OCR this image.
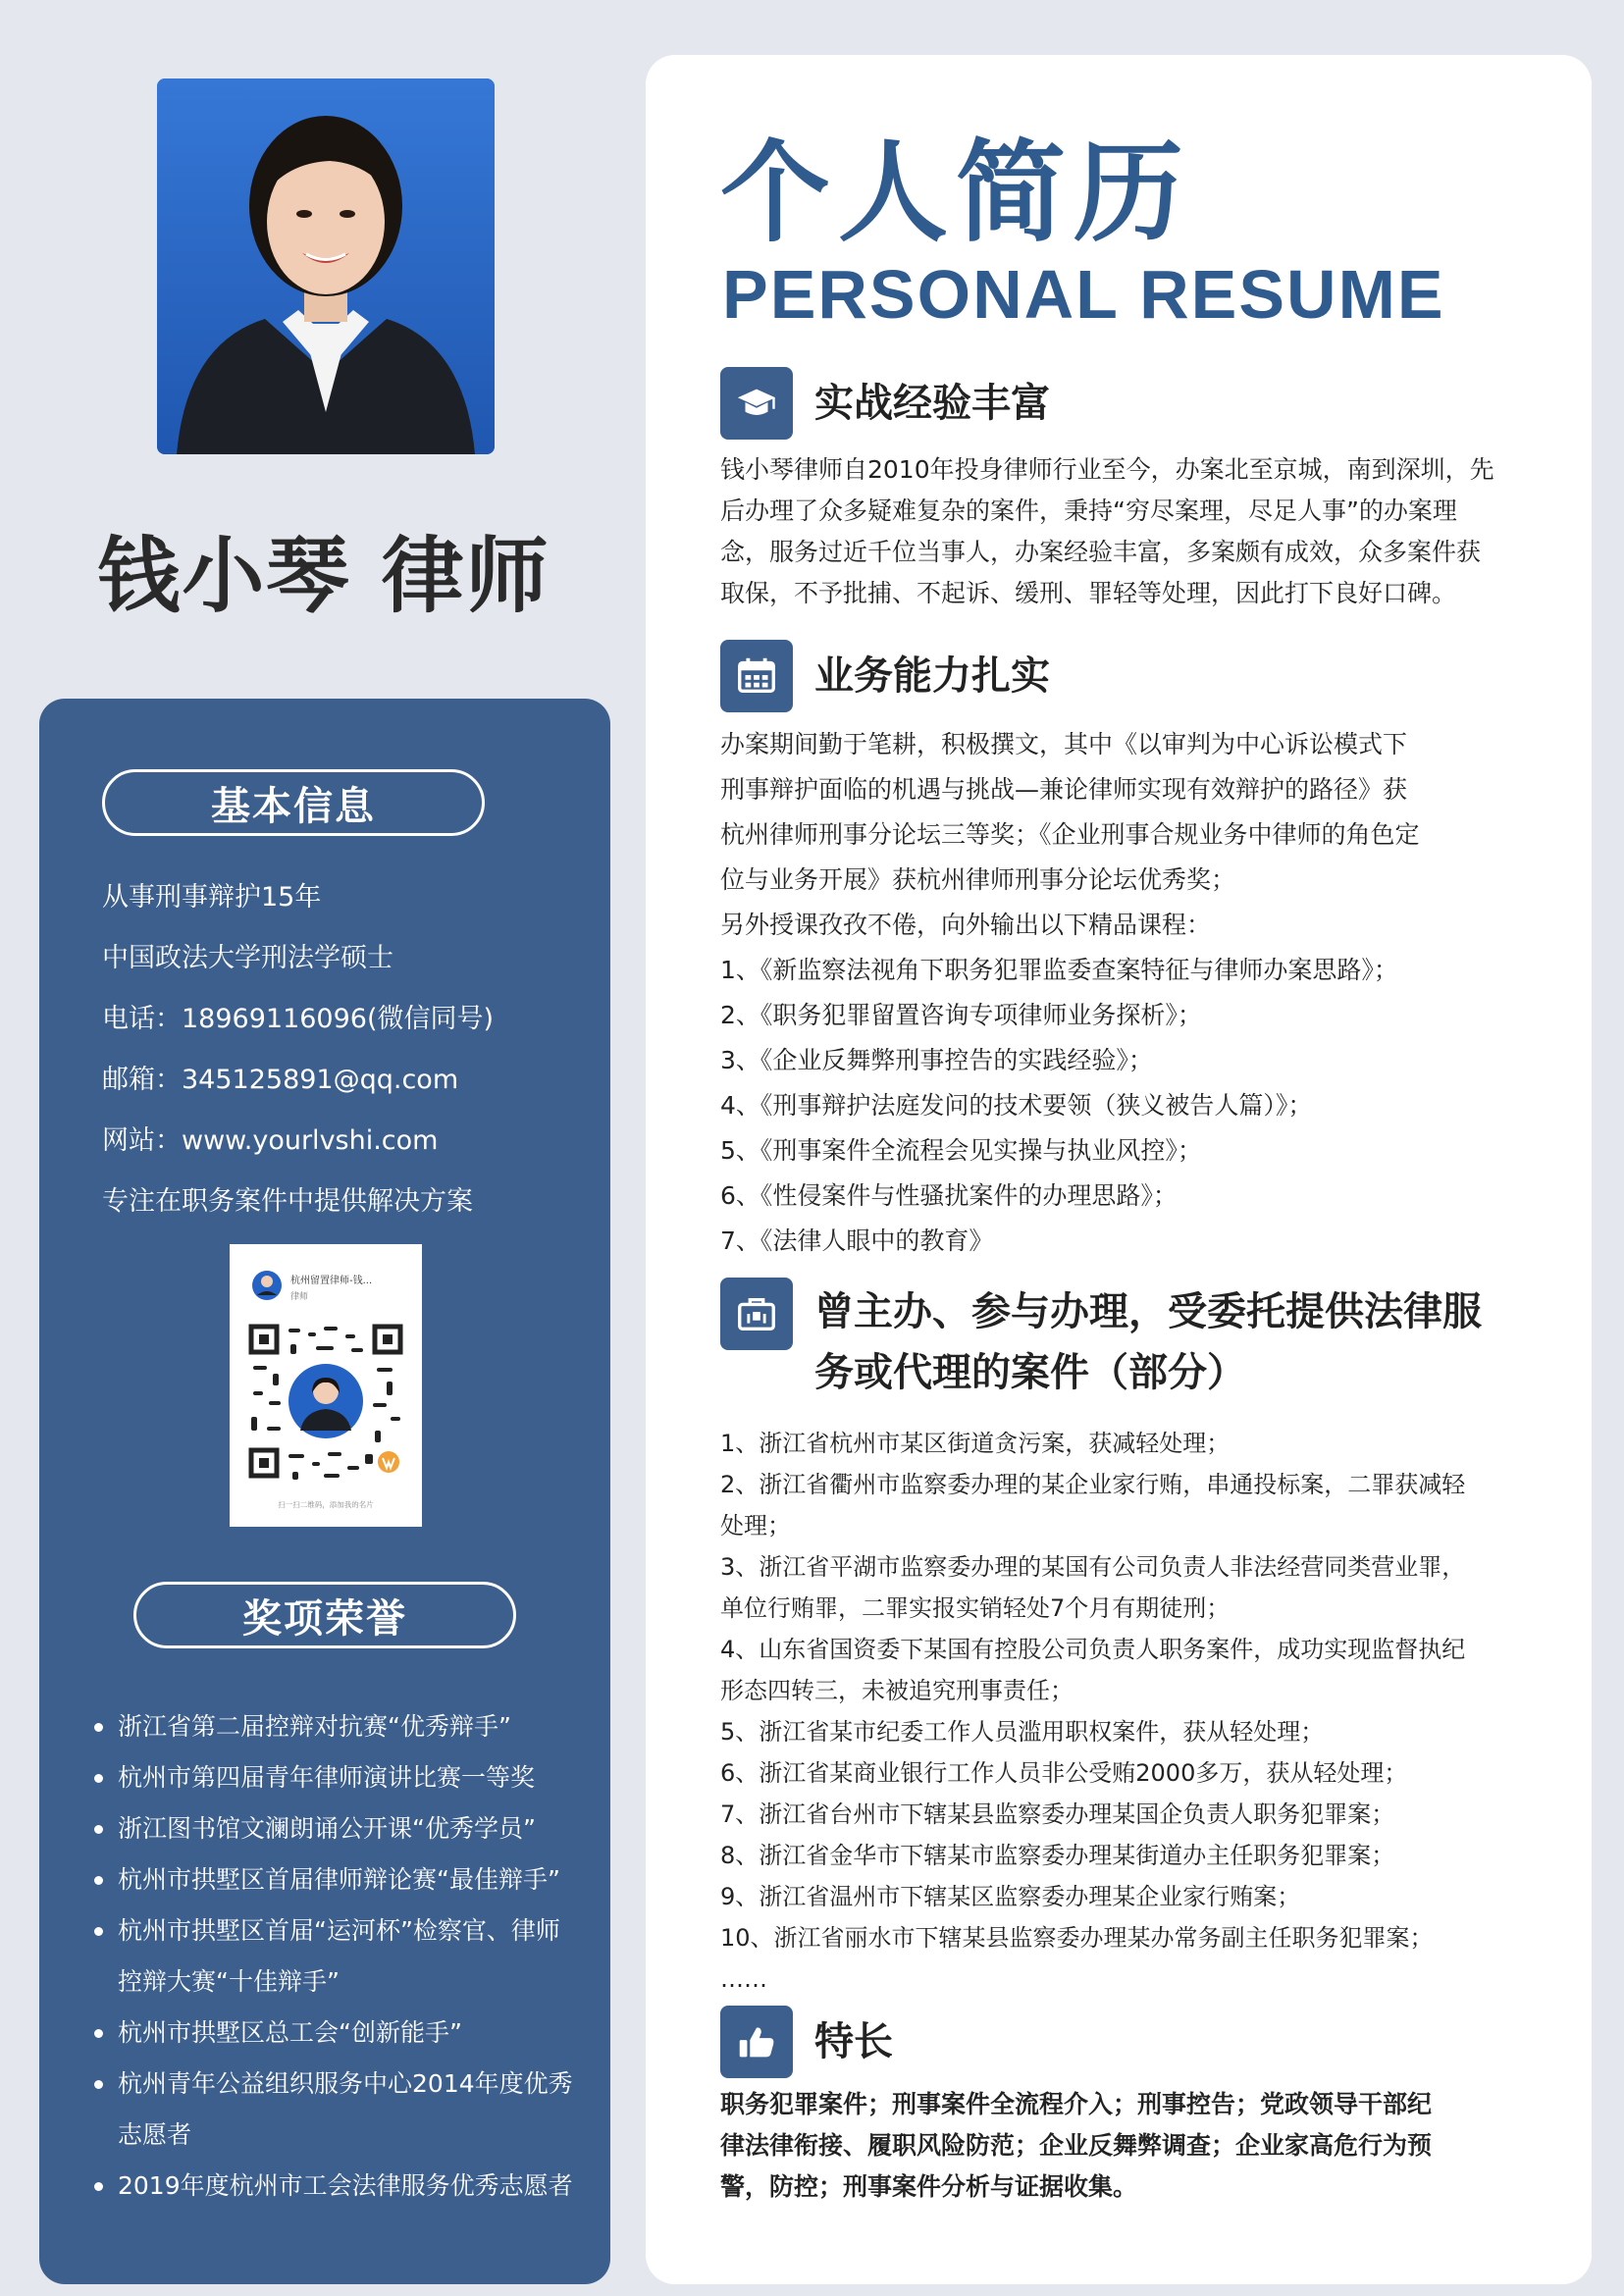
钱小琴 律师
基本信息
从事刑事辩护15年
中国政法大学刑法学硕士
电话：18969116096(微信同号)
邮箱：345125891@qq.com
网站：www.yourlvshi.com
专注在职务案件中提供解决方案
杭州留置律师-钱...
律师
扫一扫二维码，添加我的名片
奖项荣誉
浙江省第二届控辩对抗赛“优秀辩手”
杭州市第四届青年律师演讲比赛一等奖
浙江图书馆文澜朗诵公开课“优秀学员”
杭州市拱墅区首届律师辩论赛“最佳辩手”
杭州市拱墅区首届“运河杯”检察官、律师控辩大赛“十佳辩手”
杭州市拱墅区总工会“创新能手”
杭州青年公益组织服务中心2014年度优秀志愿者
2019年度杭州市工会法律服务优秀志愿者
个人简历
PERSONAL RESUME
实战经验丰富
钱小琴律师自2010年投身律师行业至今，办案北至京城，南到深圳，先
后办理了众多疑难复杂的案件，秉持“穷尽案理，尽足人事”的办案理
念，服务过近千位当事人，办案经验丰富，多案颇有成效，众多案件获
取保，不予批捕、不起诉、缓刑、罪轻等处理，因此打下良好口碑。
业务能力扎实
办案期间勤于笔耕，积极撰文，其中《以审判为中心诉讼模式下
刑事辩护面临的机遇与挑战—兼论律师实现有效辩护的路径》获
杭州律师刑事分论坛三等奖；《企业刑事合规业务中律师的角色定
位与业务开展》获杭州律师刑事分论坛优秀奖；
另外授课孜孜不倦，向外输出以下精品课程：
1、《新监察法视角下职务犯罪监委查案特征与律师办案思路》；
2、《职务犯罪留置咨询专项律师业务探析》；
3、《企业反舞弊刑事控告的实践经验》；
4、《刑事辩护法庭发问的技术要领（狭义被告人篇）》；
5、《刑事案件全流程会见实操与执业风控》；
6、《性侵案件与性骚扰案件的办理思路》；
7、《法律人眼中的教育》
曾主办、参与办理，受委托提供法律服
务或代理的案件（部分）
1、浙江省杭州市某区街道贪污案，获减轻处理；
2、浙江省衢州市监察委办理的某企业家行贿，串通投标案，二罪获减轻
处理；
3、浙江省平湖市监察委办理的某国有公司负责人非法经营同类营业罪，
单位行贿罪，二罪实报实销轻处7个月有期徒刑；
4、山东省国资委下某国有控股公司负责人职务案件，成功实现监督执纪
形态四转三，未被追究刑事责任；
5、浙江省某市纪委工作人员滥用职权案件，获从轻处理；
6、浙江省某商业银行工作人员非公受贿2000多万，获从轻处理；
7、浙江省台州市下辖某县监察委办理某国企负责人职务犯罪案；
8、浙江省金华市下辖某市监察委办理某街道办主任职务犯罪案；
9、浙江省温州市下辖某区监察委办理某企业家行贿案；
10、浙江省丽水市下辖某县监察委办理某办常务副主任职务犯罪案；
……
特长
职务犯罪案件；刑事案件全流程介入；刑事控告；党政领导干部纪
律法律衔接、履职风险防范；企业反舞弊调查；企业家高危行为预
警，防控；刑事案件分析与证据收集。
